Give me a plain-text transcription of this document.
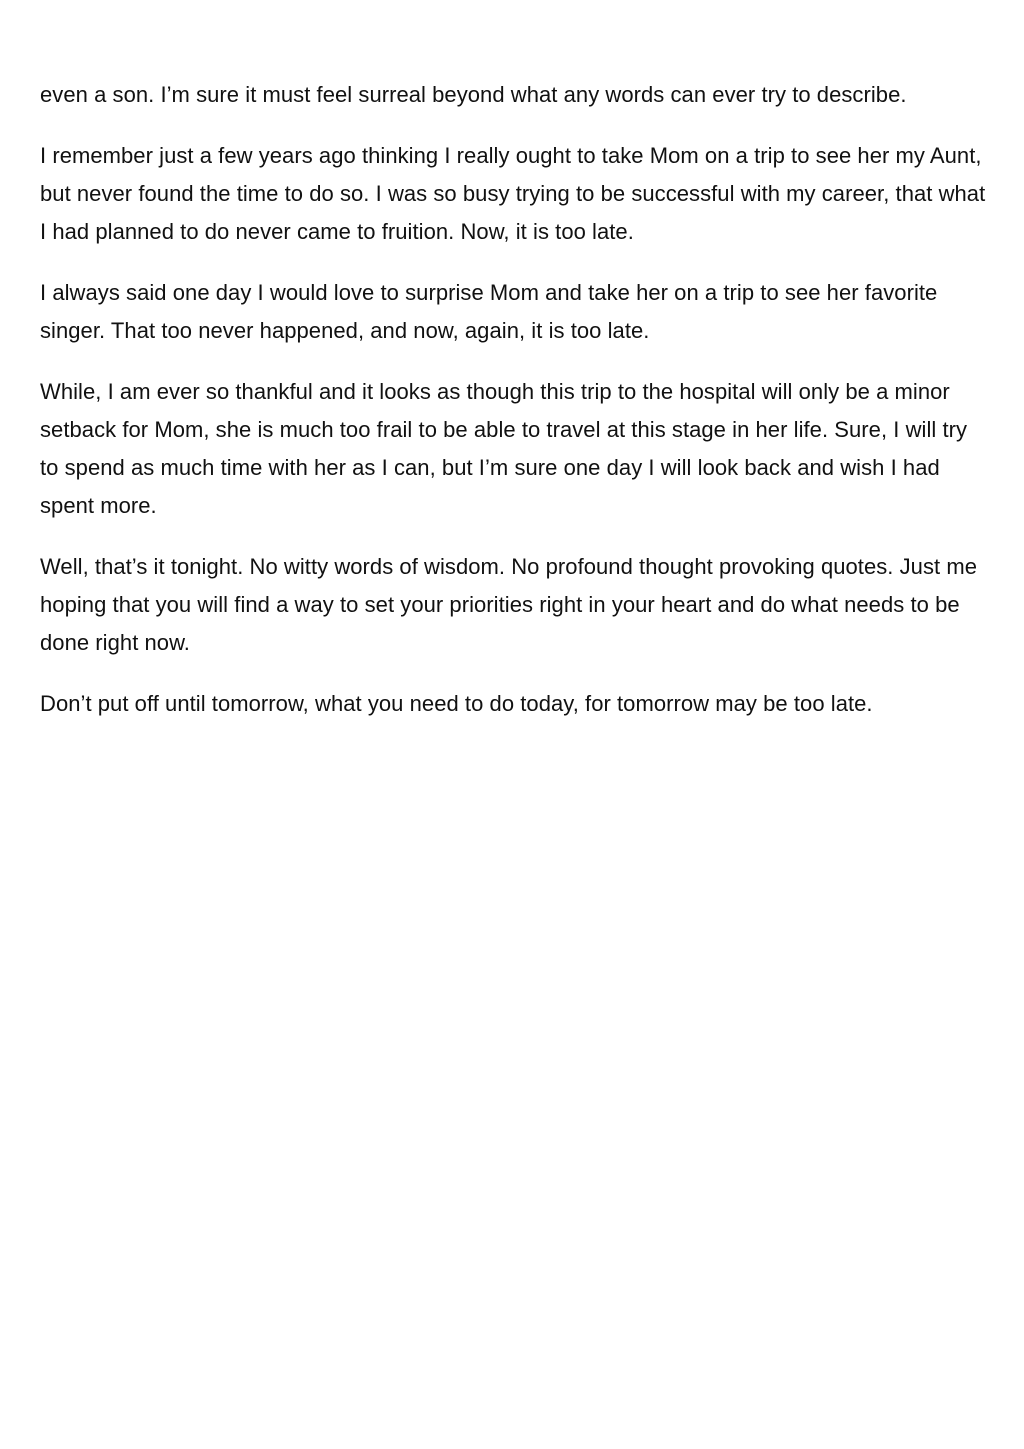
even a son. I’m sure it must feel surreal beyond what any words can ever try to describe.

I remember just a few years ago thinking I really ought to take Mom on a trip to see her my Aunt, but never found the time to do so. I was so busy trying to be successful with my career, that what I had planned to do never came to fruition. Now, it is too late.

I always said one day I would love to surprise Mom and take her on a trip to see her favorite singer. That too never happened, and now, again, it is too late.

While, I am ever so thankful and it looks as though this trip to the hospital will only be a minor setback for Mom, she is much too frail to be able to travel at this stage in her life. Sure, I will try to spend as much time with her as I can, but I’m sure one day I will look back and wish I had spent more.

Well, that’s it tonight. No witty words of wisdom. No profound thought provoking quotes. Just me hoping that you will find a way to set your priorities right in your heart and do what needs to be done right now.

Don’t put off until tomorrow, what you need to do today, for tomorrow may be too late.
